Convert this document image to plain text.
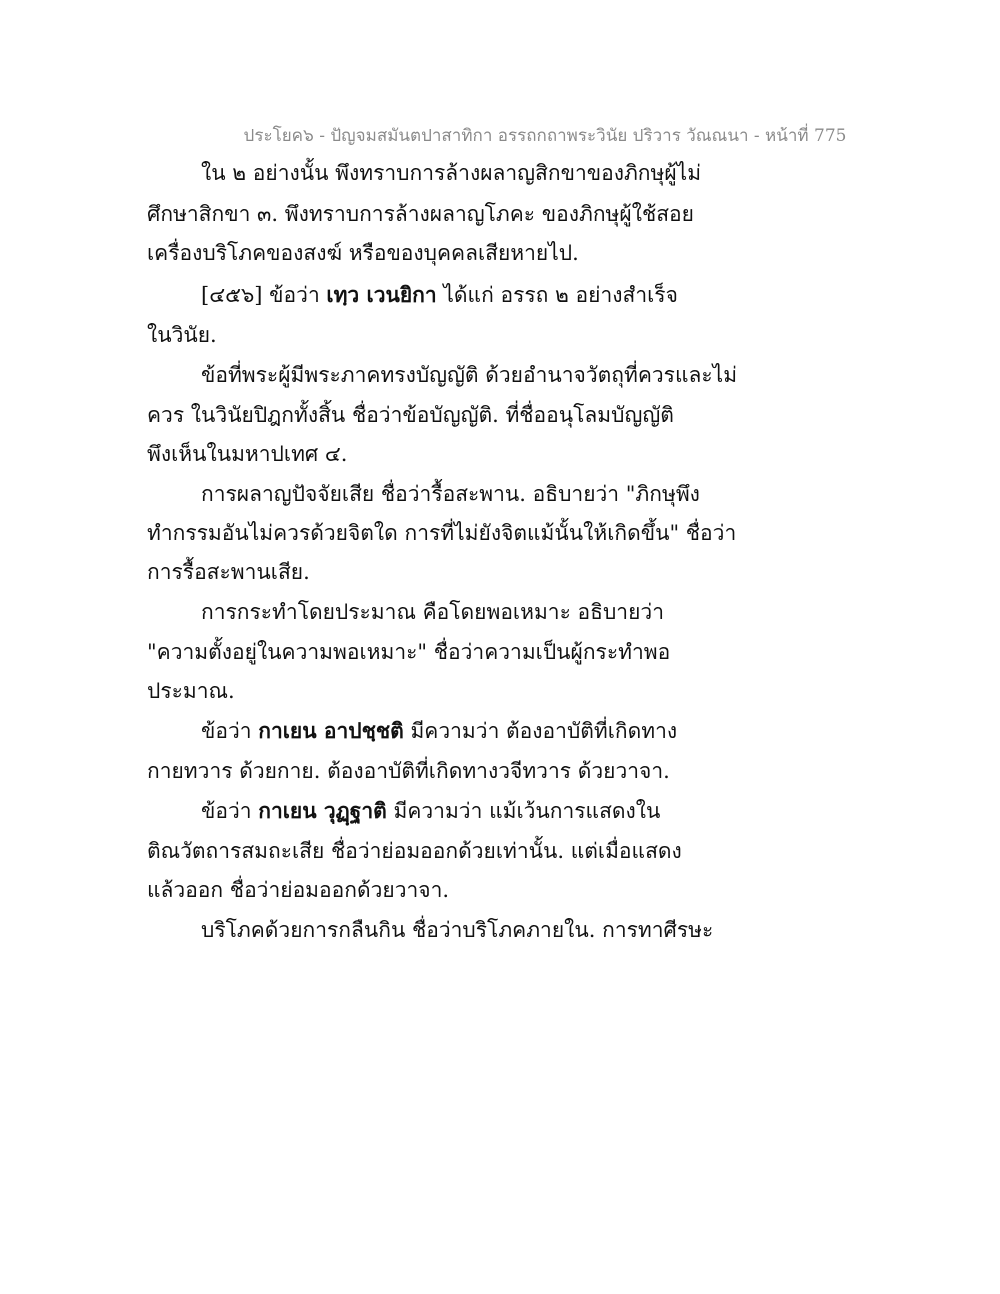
ประโยค๖ - ปัญจมสมันตปาสาทิกา อรรถกถาพระวินัย ปริวาร วัณณนา - หน้าที่ 775
ใน ๒ อย่างนั้น พึงทราบการล้างผลาญสิกขาของภิกษุผู้ไม่
ศึกษาสิกขา ๓. พึงทราบการล้างผลาญโภคะ ของภิกษุผู้ใช้สอย
เครื่องบริโภคของสงฆ์ หรือของบุคคลเสียหายไป.
[๔๕๖] ข้อว่า เทฺว เวนยิกา ได้แก่ อรรถ ๒ อย่างสำเร็จ
ในวินัย.
ข้อที่พระผู้มีพระภาคทรงบัญญัติ ด้วยอำนาจวัตถุที่ควรและไม่
ควร ในวินัยปิฎกทั้งสิ้น ชื่อว่าข้อบัญญัติ. ที่ชื่ออนุโลมบัญญัติ
พึงเห็นในมหาปเทศ ๔.
การผลาญปัจจัยเสีย ชื่อว่ารื้อสะพาน. อธิบายว่า "ภิกษุพึง
ทำกรรมอันไม่ควรด้วยจิตใด การที่ไม่ยังจิตแม้นั้นให้เกิดขึ้น" ชื่อว่า
การรื้อสะพานเสีย.
การกระทำโดยประมาณ คือโดยพอเหมาะ อธิบายว่า
"ความตั้งอยู่ในความพอเหมาะ" ชื่อว่าความเป็นผู้กระทำพอ
ประมาณ.
ข้อว่า กาเยน อาปชฺชติ มีความว่า ต้องอาบัติที่เกิดทาง
กายทวาร ด้วยกาย. ต้องอาบัติที่เกิดทางวจีทวาร ด้วยวาจา.
ข้อว่า กาเยน วุฏฺฐาติ มีความว่า แม้เว้นการแสดงใน
ติณวัตถารสมถะเสีย ชื่อว่าย่อมออกด้วยเท่านั้น. แต่เมื่อแสดง
แล้วออก ชื่อว่าย่อมออกด้วยวาจา.
บริโภคด้วยการกลืนกิน ชื่อว่าบริโภคภายใน. การทาศีรษะ
